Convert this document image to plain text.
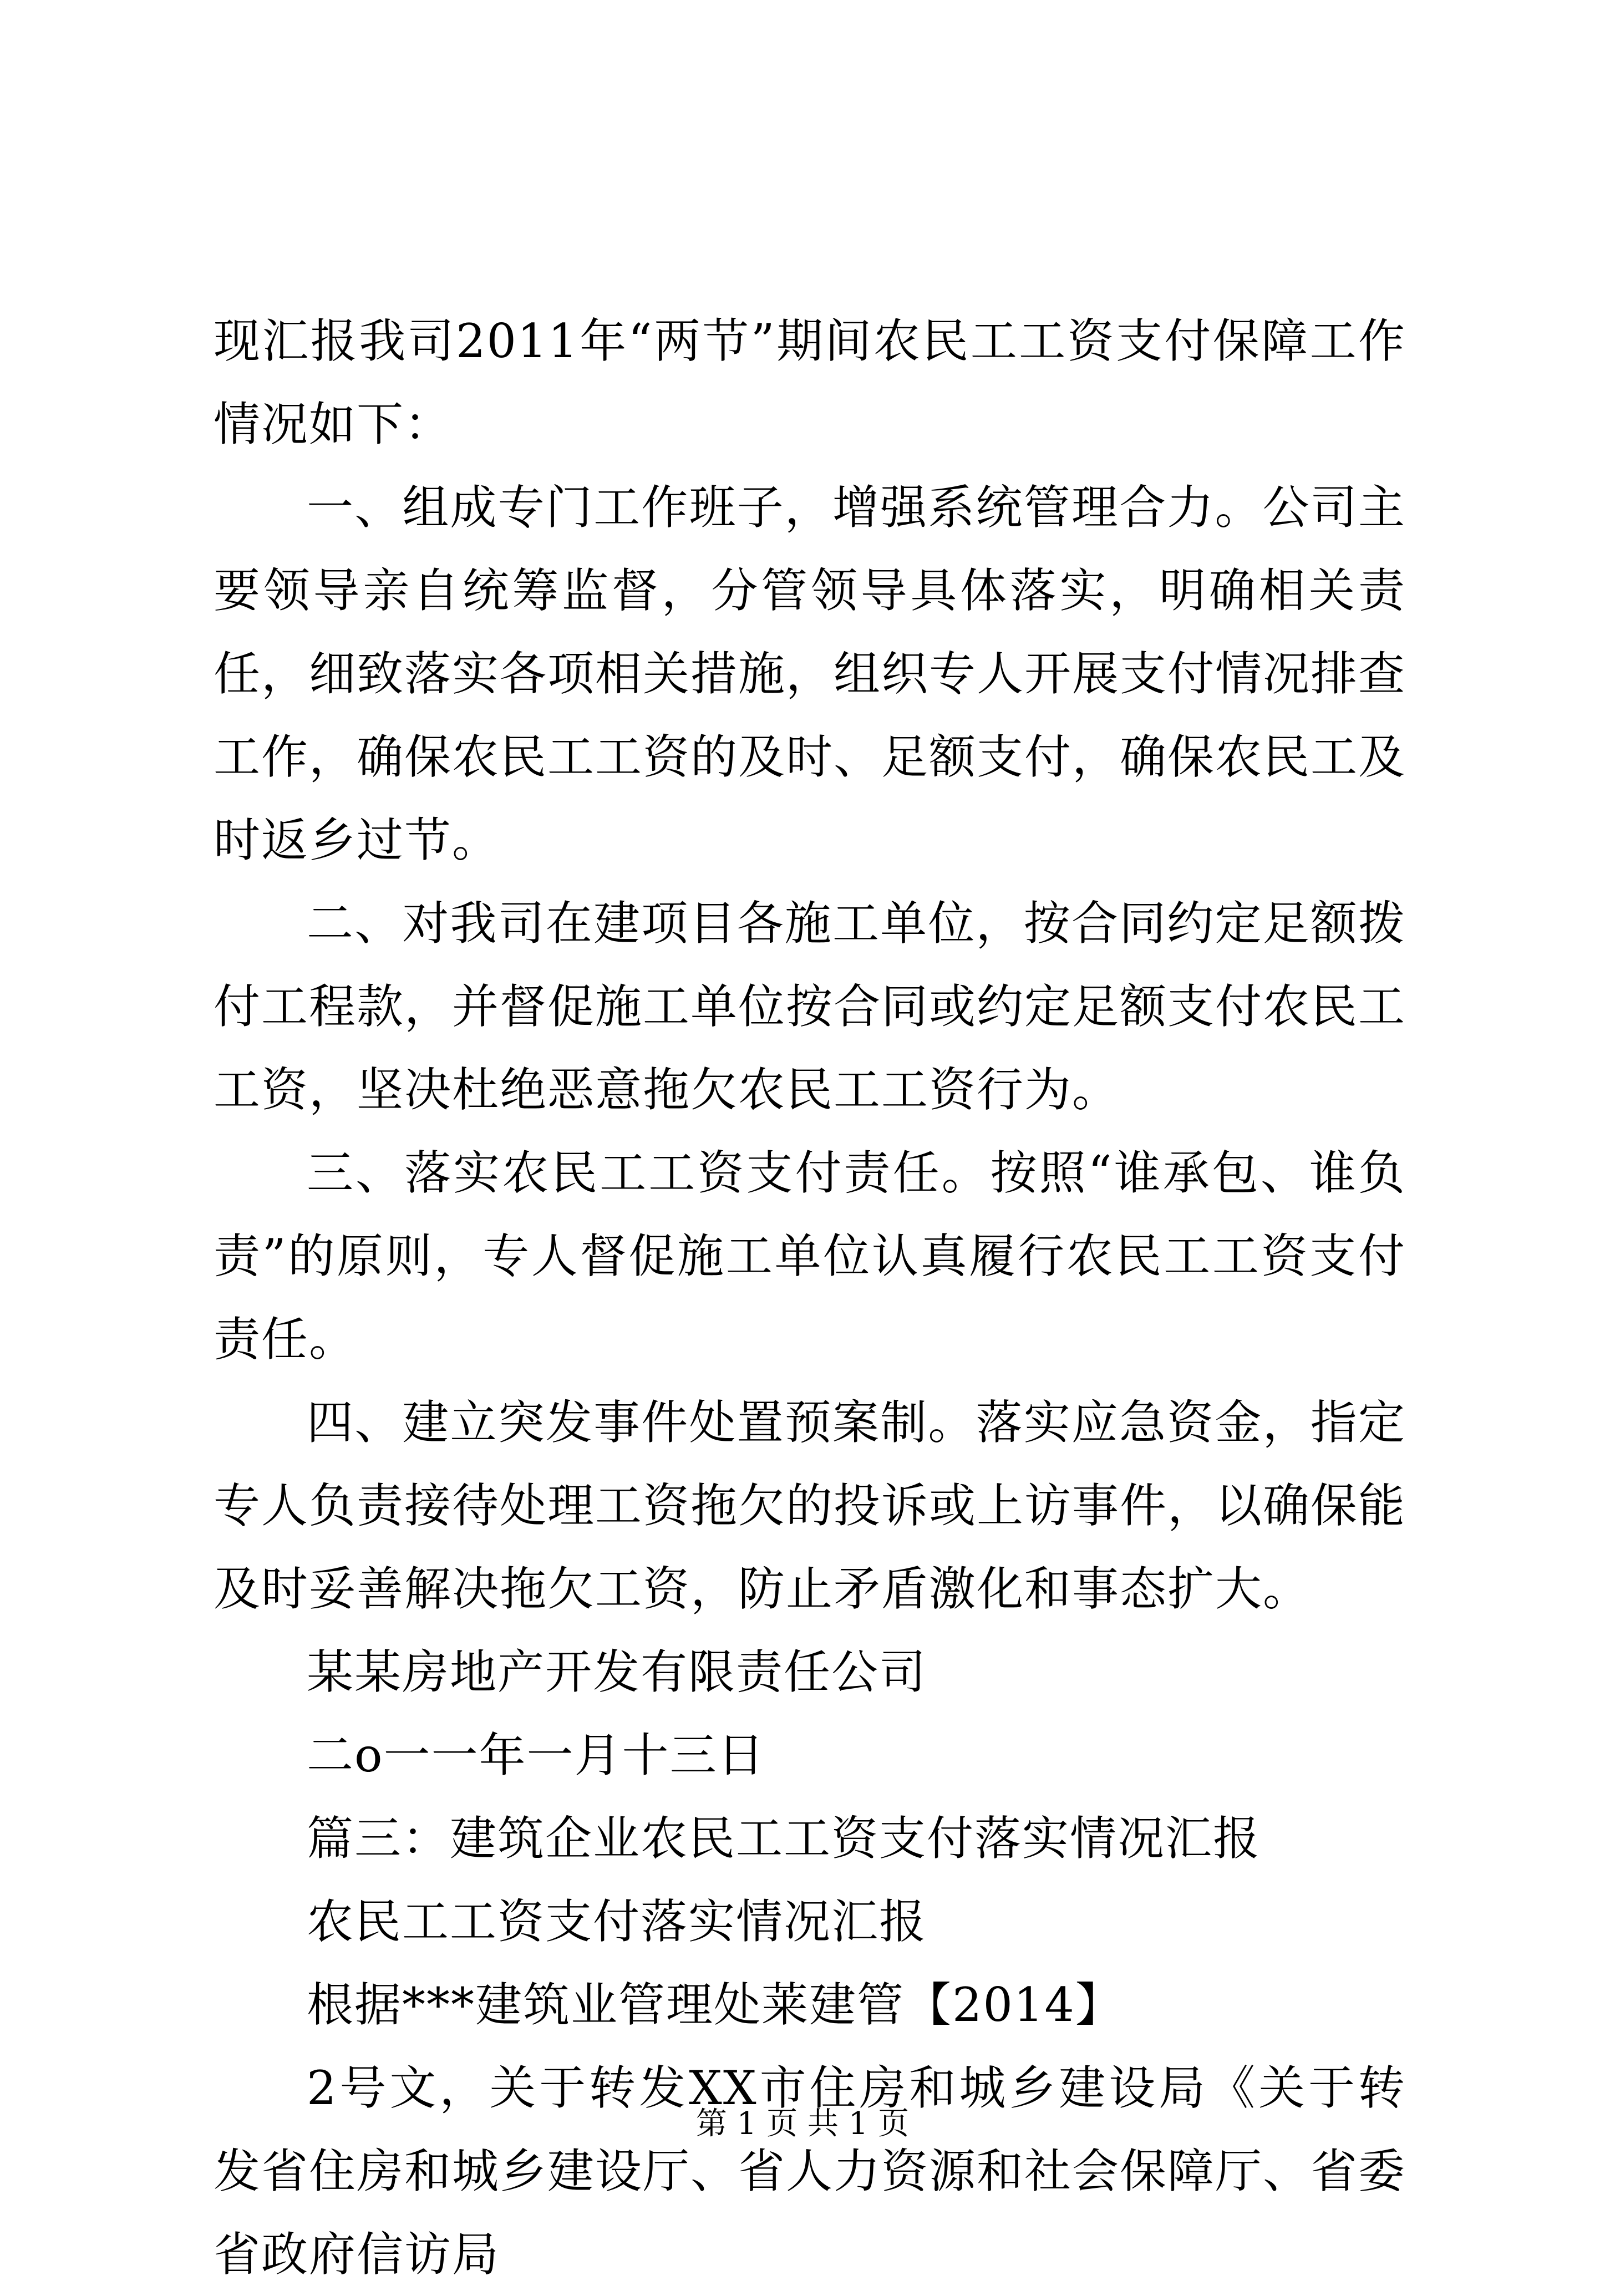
现汇报我司2011年“两节”期间农民工工资支付保障工作情况如下：

一、组成专门工作班子，增强系统管理合力。公司主要领导亲自统筹监督，分管领导具体落实，明确相关责任，细致落实各项相关措施，组织专人开展支付情况排查工作，确保农民工工资的及时、足额支付，确保农民工及时返乡过节。

二、对我司在建项目各施工单位，按合同约定足额拨付工程款，并督促施工单位按合同或约定足额支付农民工工资，坚决杜绝恶意拖欠农民工工资行为。

三、落实农民工工资支付责任。按照“谁承包、谁负责”的原则，专人督促施工单位认真履行农民工工资支付责任。

四、建立突发事件处置预案制。落实应急资金，指定专人负责接待处理工资拖欠的投诉或上访事件，以确保能及时妥善解决拖欠工资，防止矛盾激化和事态扩大。

某某房地产开发有限责任公司

二o一一年一月十三日

篇三：建筑企业农民工工资支付落实情况汇报

农民工工资支付落实情况汇报

根据***建筑业管理处莱建管【2014】

2号文，关于转发XX市住房和城乡建设局《关于转发省住房和城乡建设厅、省人力资源和社会保障厅、省委省政府信访局

第 1 页 共 1 页
